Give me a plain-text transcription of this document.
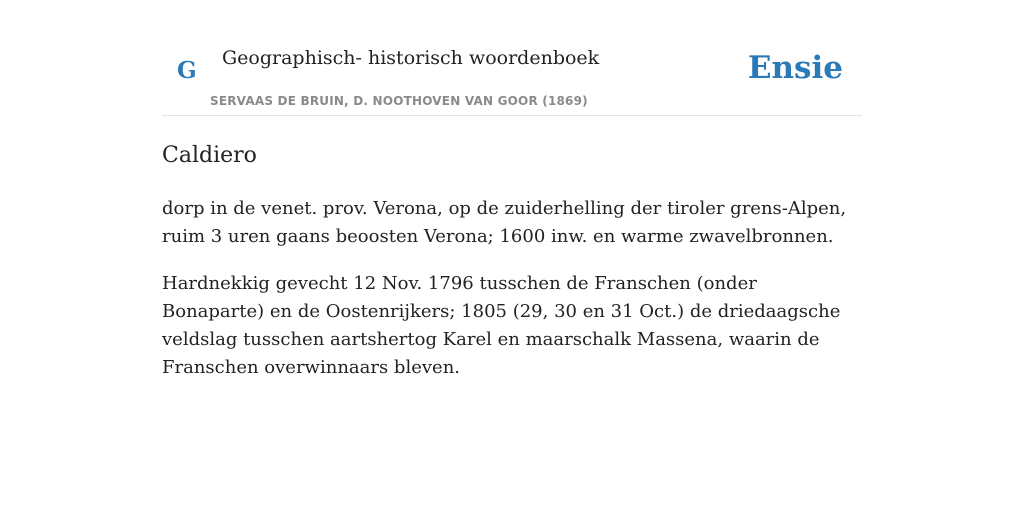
G Geographisch- historisch woordenboek
SERVAAS DE BRUIN, D. NOOTHOVEN VAN GOOR (1869)
Ensie
Caldiero

dorp in de venet. prov. Verona, op de zuiderhelling der tiroler grens-Alpen, ruim 3 uren gaans beoosten Verona; 1600 inw. en warme zwavelbronnen.

Hardnekkig gevecht 12 Nov. 1796 tusschen de Franschen (onder Bonaparte) en de Oostenrijkers; 1805 (29, 30 en 31 Oct.) de driedaagsche veldslag tusschen aartshertog Karel en maarschalk Massena, waarin de Franschen overwinnaars bleven.
